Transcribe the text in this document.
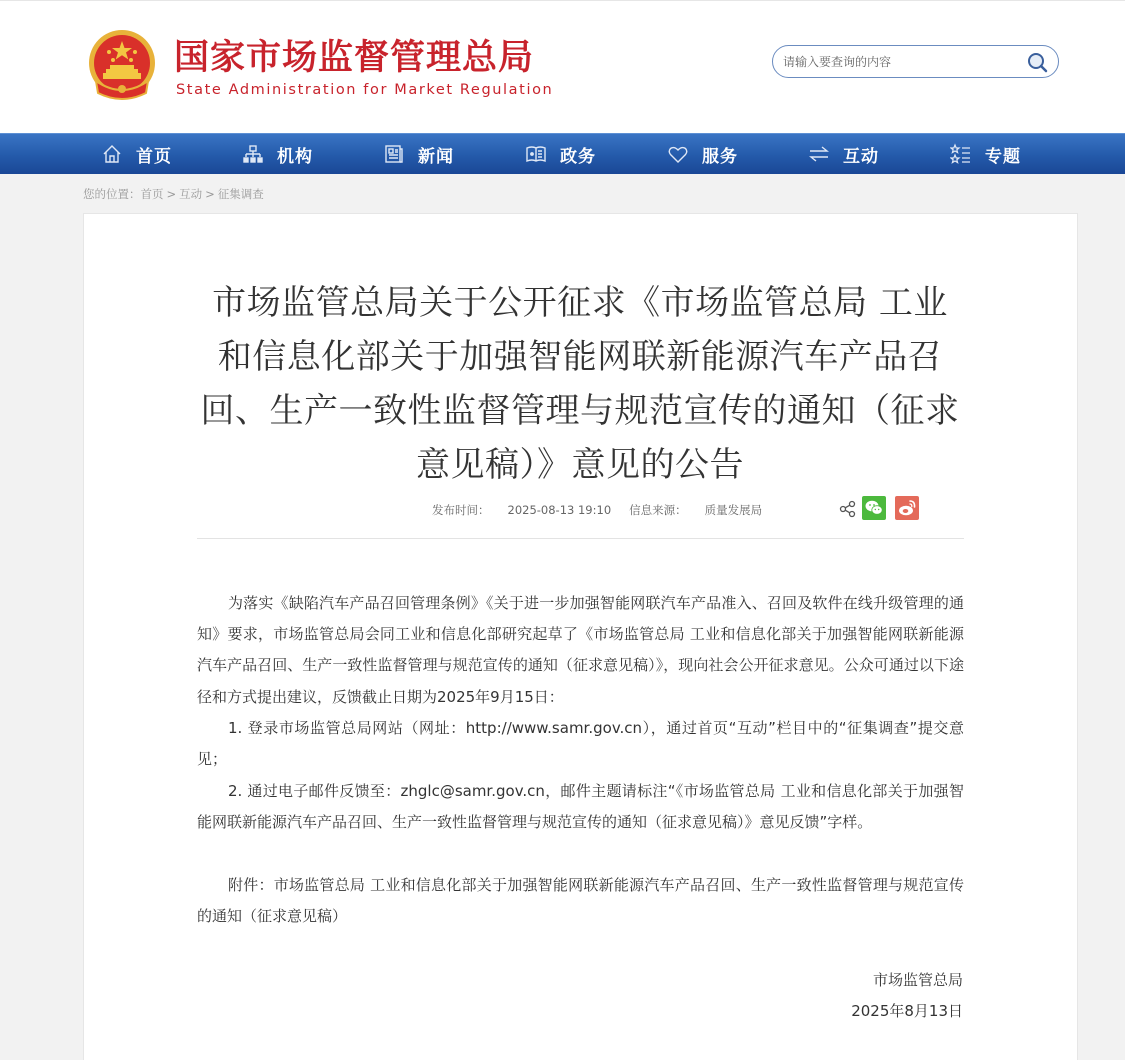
国家市场监督管理总局
State Administration for Market Regulation
请输入要查询的内容
首页	机构	新闻	政务	服务	互动	专题
您的位置：首页 > 互动 > 征集调查
市场监管总局关于公开征求《市场监管总局 工业和信息化部关于加强智能网联新能源汽车产品召回、生产一致性监督管理与规范宣传的通知（征求意见稿）》意见的公告
发布时间： 2025-08-13 19:10 信息来源： 质量发展局

为落实《缺陷汽车产品召回管理条例》《关于进一步加强智能网联汽车产品准入、召回及软件在线升级管理的通知》要求，市场监管总局会同工业和信息化部研究起草了《市场监管总局 工业和信息化部关于加强智能网联新能源汽车产品召回、生产一致性监督管理与规范宣传的通知（征求意见稿）》，现向社会公开征求意见。公众可通过以下途径和方式提出建议，反馈截止日期为2025年9月15日：

1. 登录市场监管总局网站（网址：http://www.samr.gov.cn），通过首页“互动”栏目中的“征集调查”提交意见；

2. 通过电子邮件反馈至：zhglc@samr.gov.cn，邮件主题请标注“《市场监管总局 工业和信息化部关于加强智能网联新能源汽车产品召回、生产一致性监督管理与规范宣传的通知（征求意见稿）》意见反馈”字样。

附件：市场监管总局 工业和信息化部关于加强智能网联新能源汽车产品召回、生产一致性监督管理与规范宣传的通知（征求意见稿）

市场监管总局
2025年8月13日
